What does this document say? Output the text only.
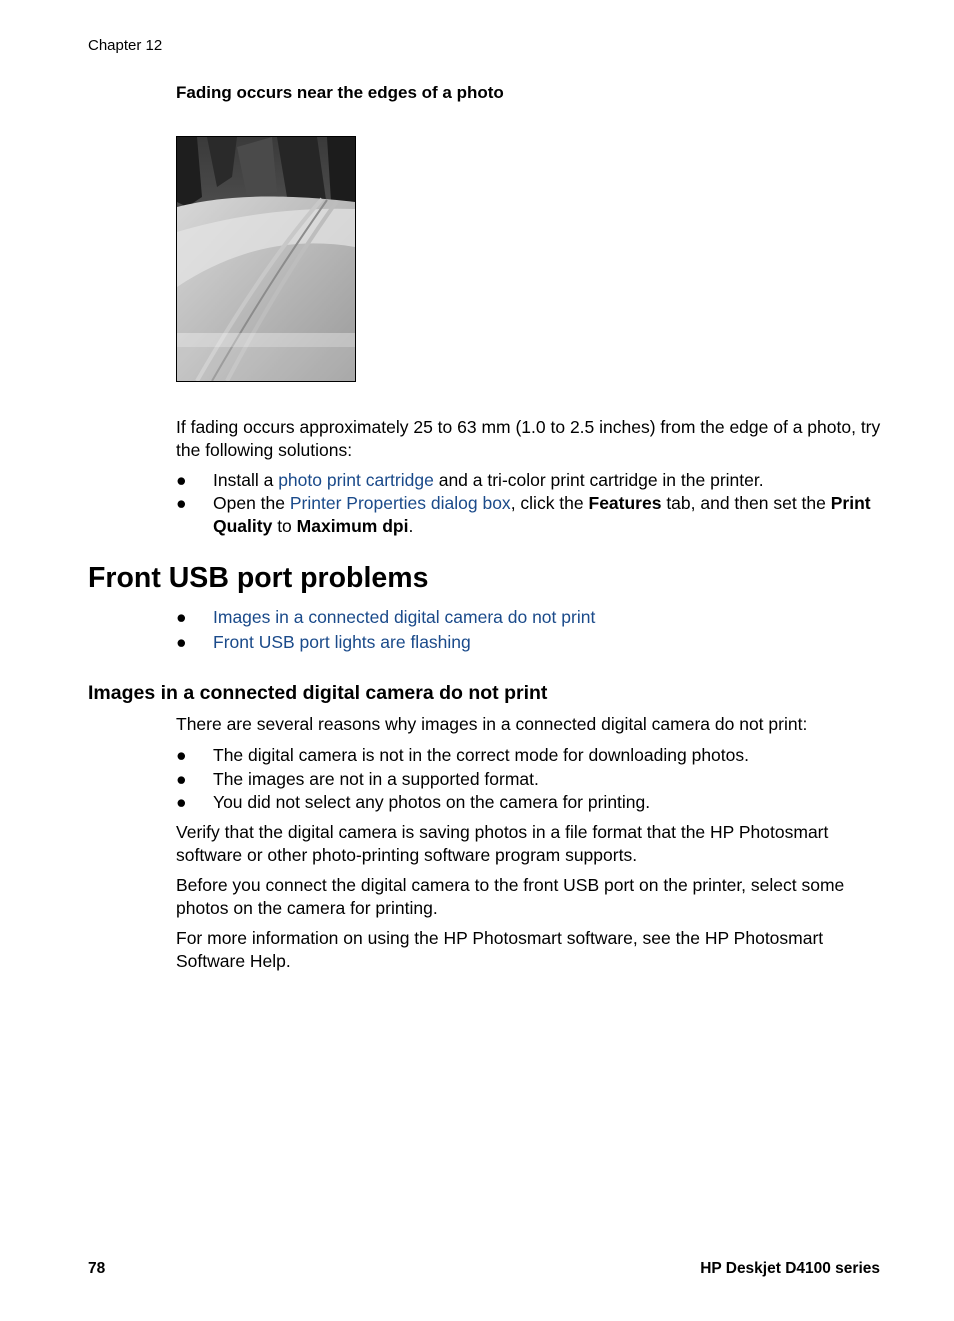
Chapter 12
Fading occurs near the edges of a photo

If fading occurs approximately 25 to 63 mm (1.0 to 2.5 inches) from the edge of a photo, try the following solutions:

● Install a photo print cartridge and a tri-color print cartridge in the printer.
● Open the Printer Properties dialog box, click the Features tab, and then set the Print Quality to Maximum dpi.
Front USB port problems
● Images in a connected digital camera do not print
● Front USB port lights are flashing
Images in a connected digital camera do not print

There are several reasons why images in a connected digital camera do not print:

● The digital camera is not in the correct mode for downloading photos.
● The images are not in a supported format.
● You did not select any photos on the camera for printing.

Verify that the digital camera is saving photos in a file format that the HP Photosmart software or other photo-printing software program supports.

Before you connect the digital camera to the front USB port on the printer, select some photos on the camera for printing.

For more information on using the HP Photosmart software, see the HP Photosmart Software Help.

78	HP Deskjet D4100 series
